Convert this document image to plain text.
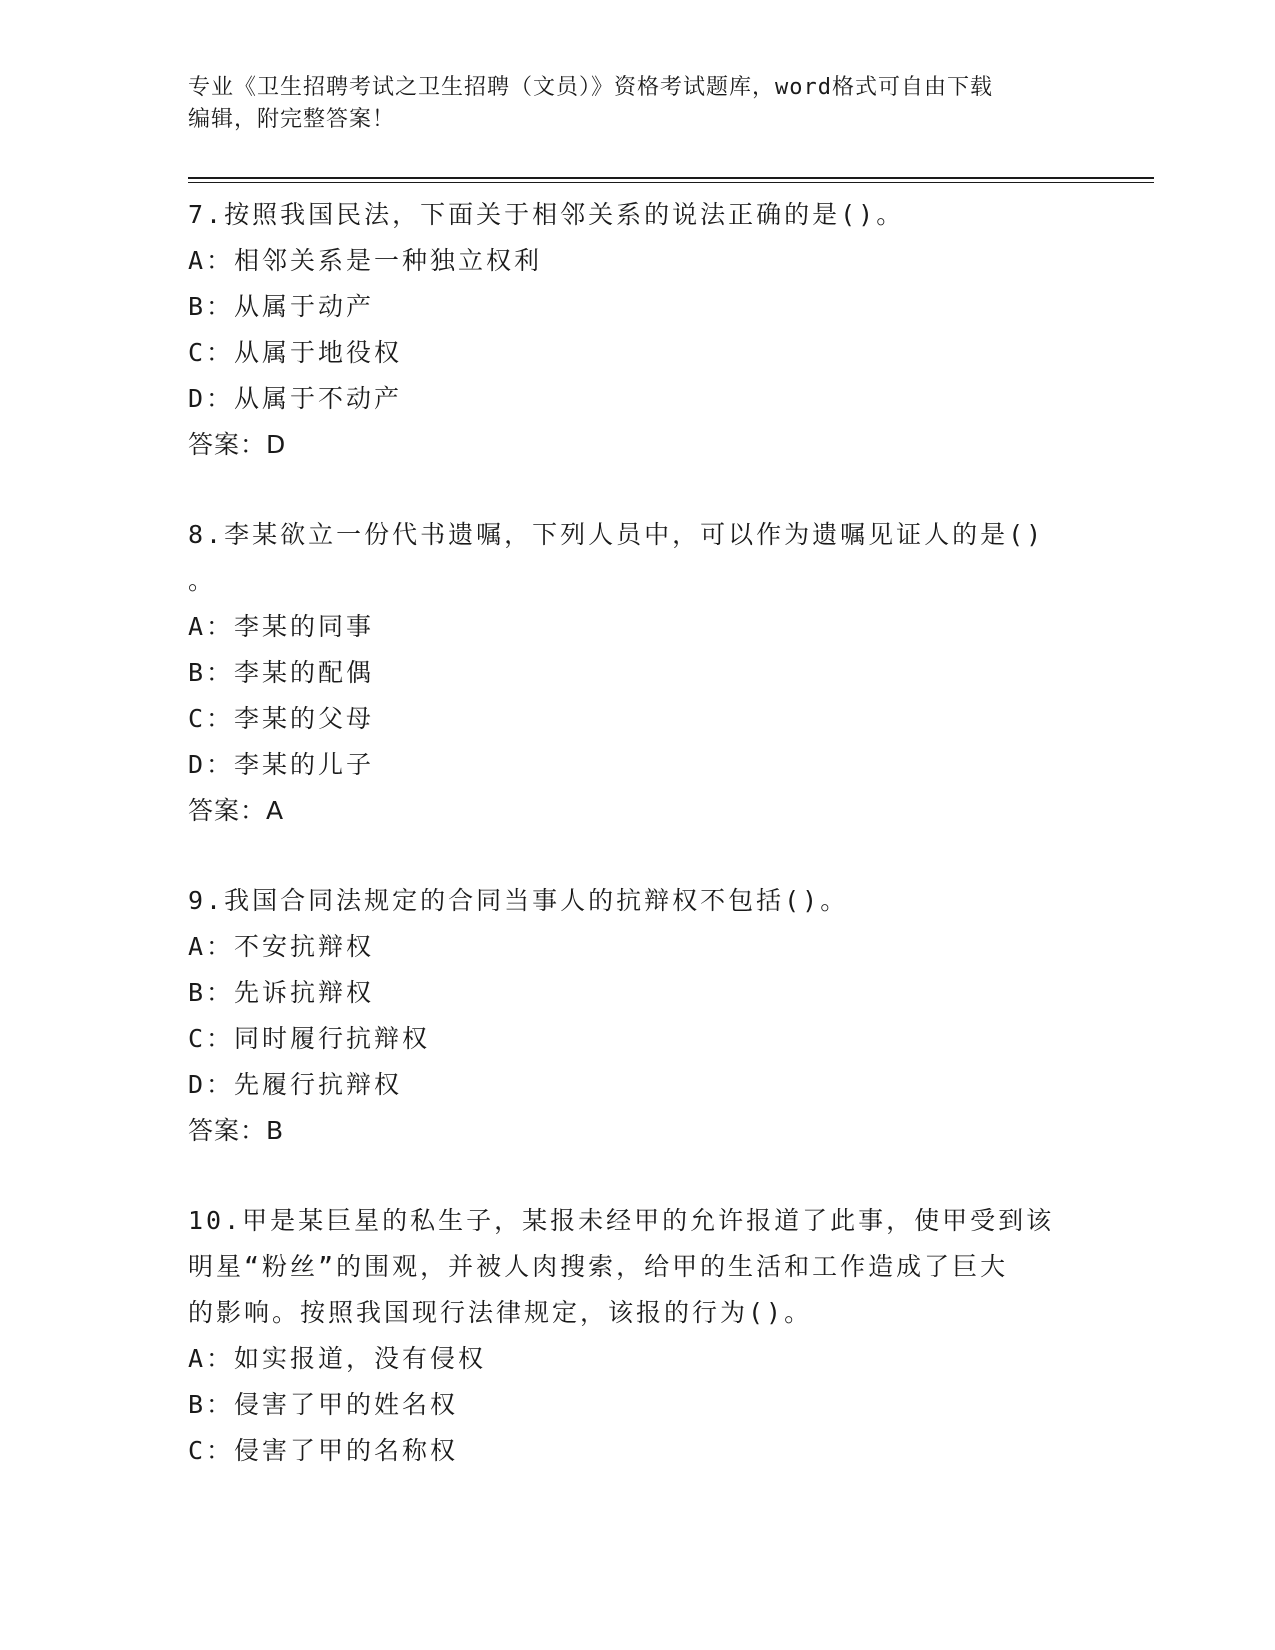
专业《卫生招聘考试之卫生招聘（文员）》资格考试题库，word格式可自由下载
编辑，附完整答案！
7.按照我国民法，下面关于相邻关系的说法正确的是()。
A：相邻关系是一种独立权利
B：从属于动产
C：从属于地役权
D：从属于不动产
答案：D
8.李某欲立一份代书遗嘱，下列人员中，可以作为遗嘱见证人的是()
。
A：李某的同事
B：李某的配偶
C：李某的父母
D：李某的儿子
答案：A
9.我国合同法规定的合同当事人的抗辩权不包括()。
A：不安抗辩权
B：先诉抗辩权
C：同时履行抗辩权
D：先履行抗辩权
答案：B
10.甲是某巨星的私生子，某报未经甲的允许报道了此事，使甲受到该
明星“粉丝”的围观，并被人肉搜索，给甲的生活和工作造成了巨大
的影响。按照我国现行法律规定，该报的行为()。
A：如实报道，没有侵权
B：侵害了甲的姓名权
C：侵害了甲的名称权
